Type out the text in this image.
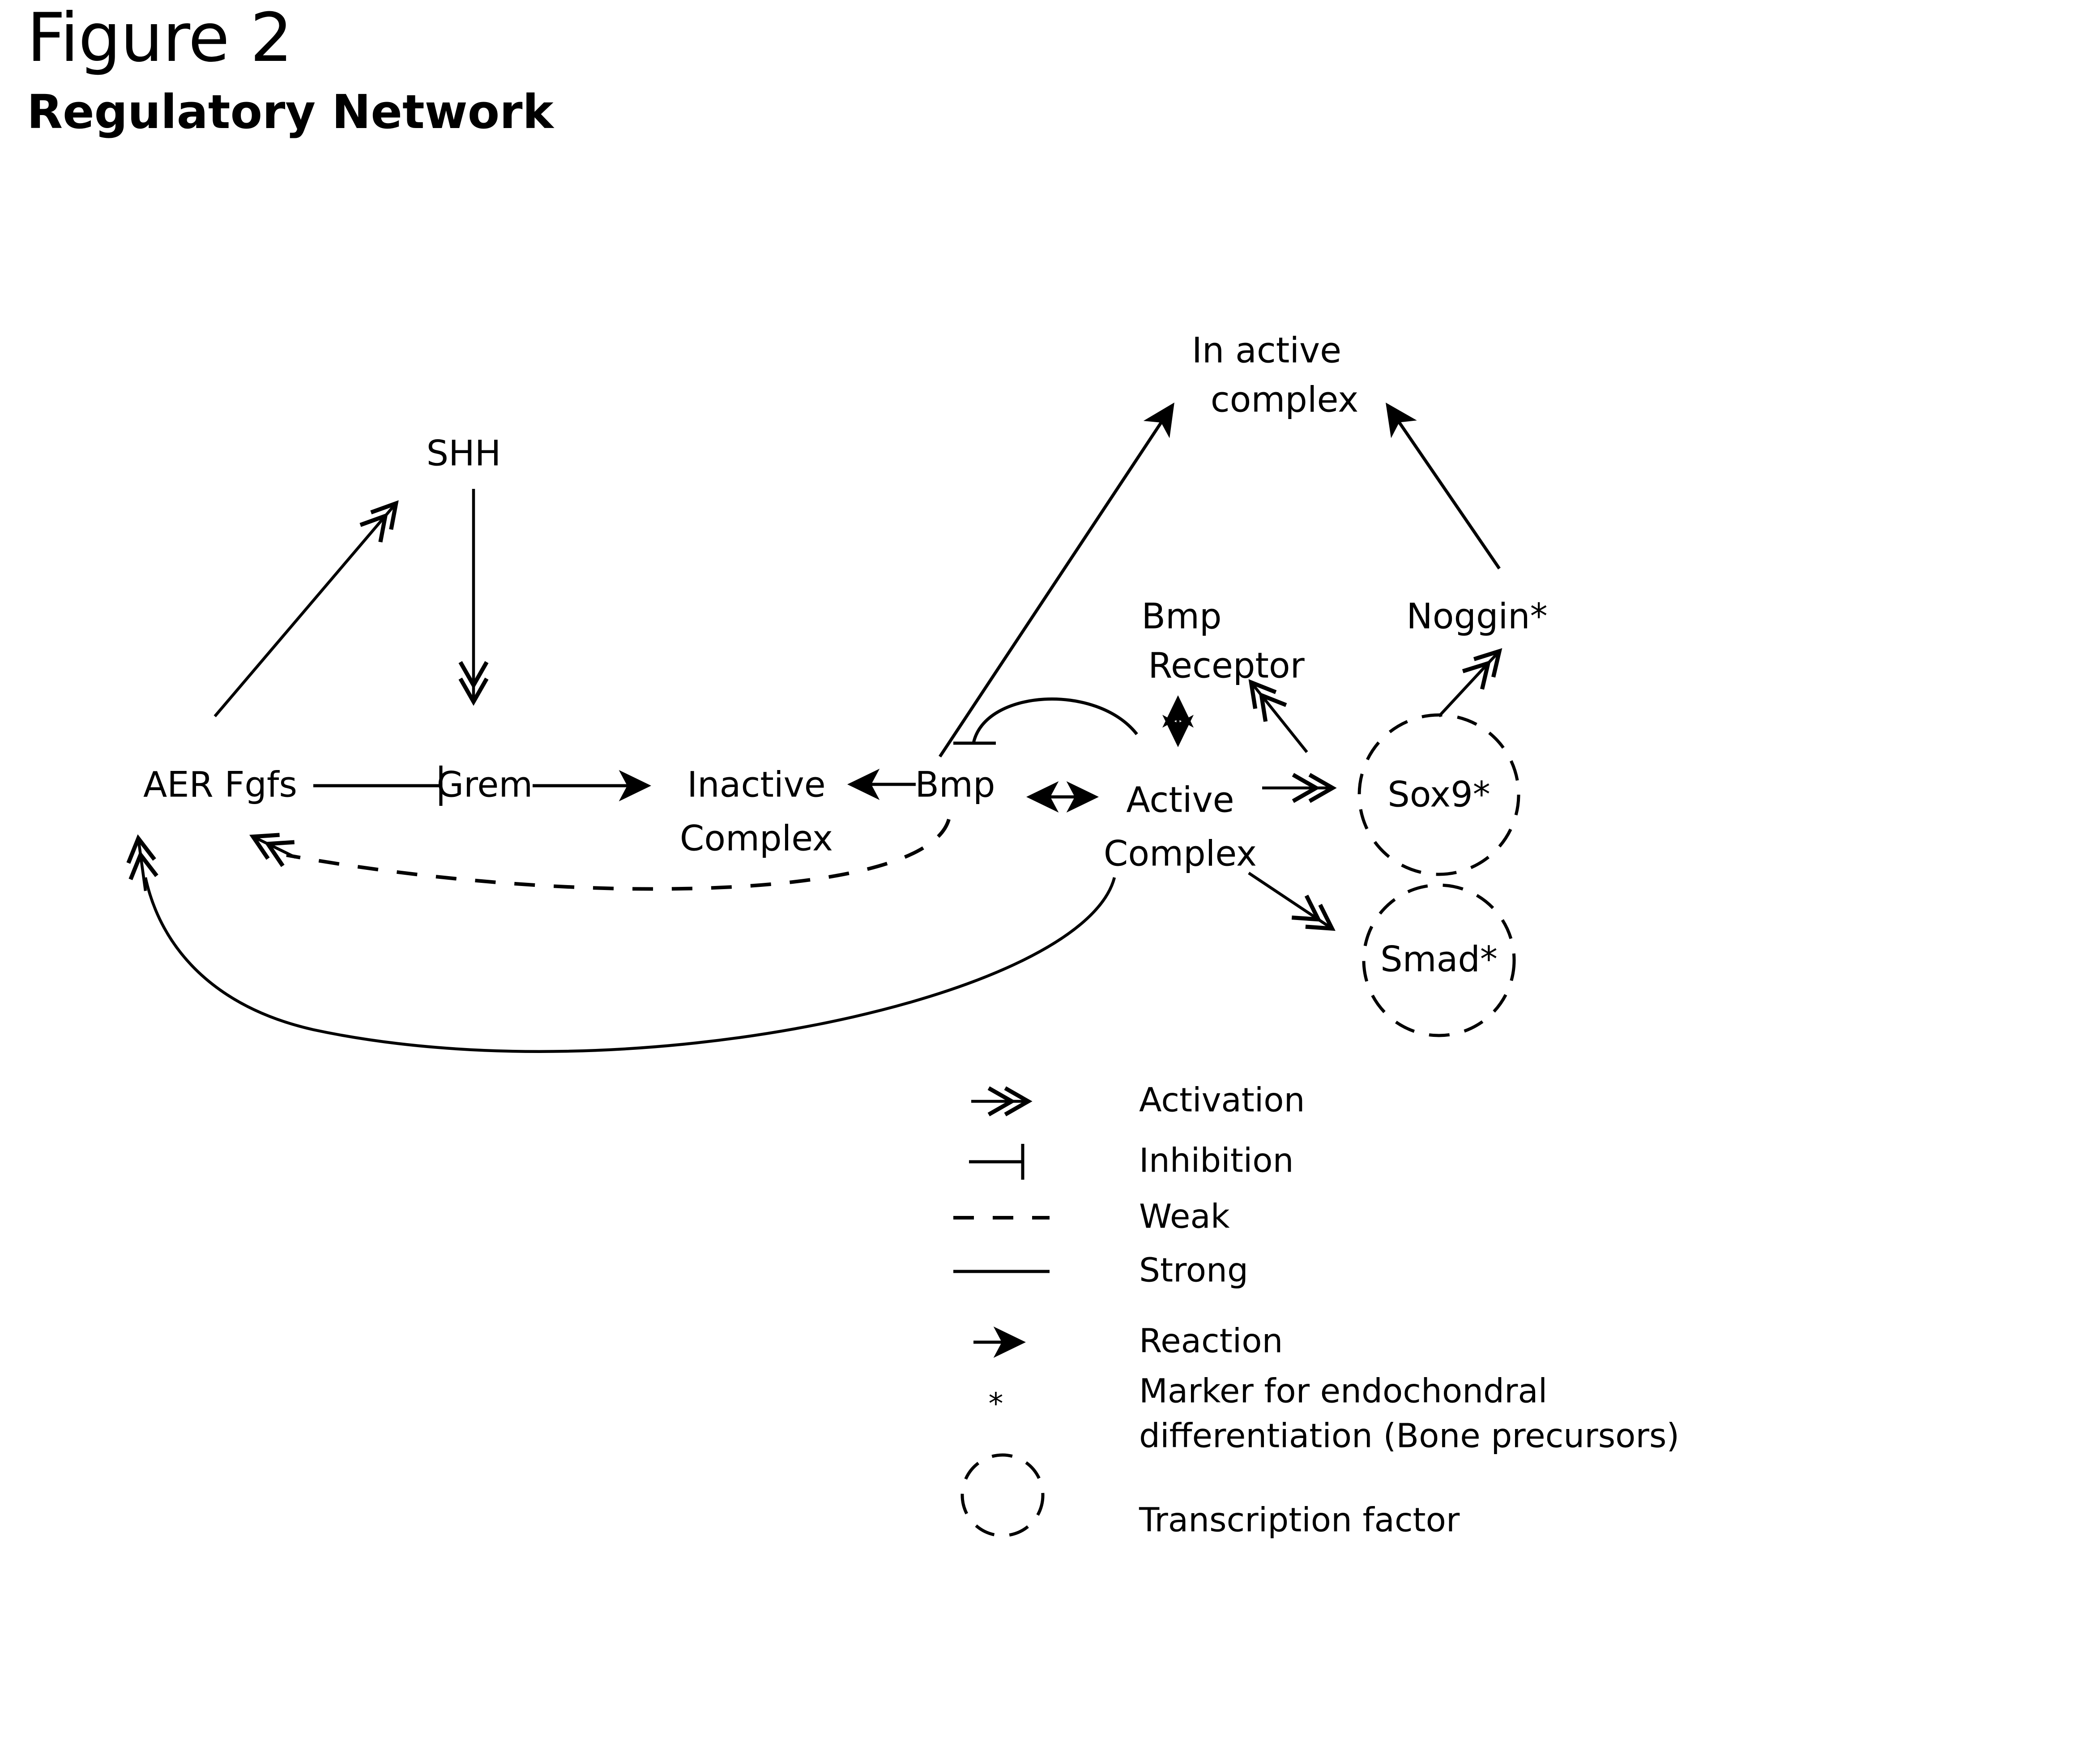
Figure 2
Regulatory Network
SHH
AER Fgfs	Grem	Inactive
Complex
Bmp	Active
Complex
Bmp
Receptor
In active
complex
Noggin*
Sox9*
Smad*
Activation
Inhibition
Weak
Strong
Reaction
*	Marker for endochondral
differentiation (Bone precursors)
Transcription factor
